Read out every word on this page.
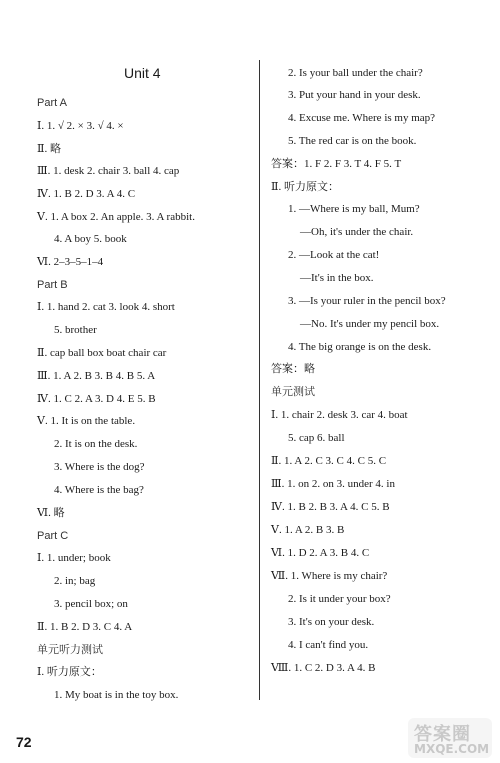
Unit 4
Part A
Ⅰ. 1. √ 2. × 3. √ 4. ×
Ⅱ. 略
Ⅲ. 1. desk 2. chair 3. ball 4. cap
Ⅳ. 1. B 2. D 3. A 4. C
Ⅴ. 1. A box 2. An apple. 3. A rabbit.
4. A boy 5. book
Ⅵ. 2–3–5–1–4
Part B
Ⅰ. 1. hand 2. cat 3. look 4. short
5. brother
Ⅱ. cap ball box boat chair car
Ⅲ. 1. A 2. B 3. B 4. B 5. A
Ⅳ. 1. C 2. A 3. D 4. E 5. B
Ⅴ. 1. It is on the table.
2. It is on the desk.
3. Where is the dog?
4. Where is the bag?
Ⅵ. 略
Part C
Ⅰ. 1. under; book
2. in; bag
3. pencil box; on
Ⅱ. 1. B 2. D 3. C 4. A
单元听力测试
Ⅰ. 听力原文：
1. My boat is in the toy box.
2. Is your ball under the chair?
3. Put your hand in your desk.
4. Excuse me. Where is my map?
5. The red car is on the book.
答案：1. F 2. F 3. T 4. F 5. T
Ⅱ. 听力原文：
1. —Where is my ball, Mum?
—Oh, it's under the chair.
2. —Look at the cat!
—It's in the box.
3. —Is your ruler in the pencil box?
—No. It's under my pencil box.
4. The big orange is on the desk.
答案：略
单元测试
Ⅰ. 1. chair 2. desk 3. car 4. boat
5. cap 6. ball
Ⅱ. 1. A 2. C 3. C 4. C 5. C
Ⅲ. 1. on 2. on 3. under 4. in
Ⅳ. 1. B 2. B 3. A 4. C 5. B
Ⅴ. 1. A 2. B 3. B
Ⅵ. 1. D 2. A 3. B 4. C
Ⅶ. 1. Where is my chair?
2. Is it under your box?
3. It's on your desk.
4. I can't find you.
Ⅷ. 1. C 2. D 3. A 4. B
72	答案圈
MXQE.COM
